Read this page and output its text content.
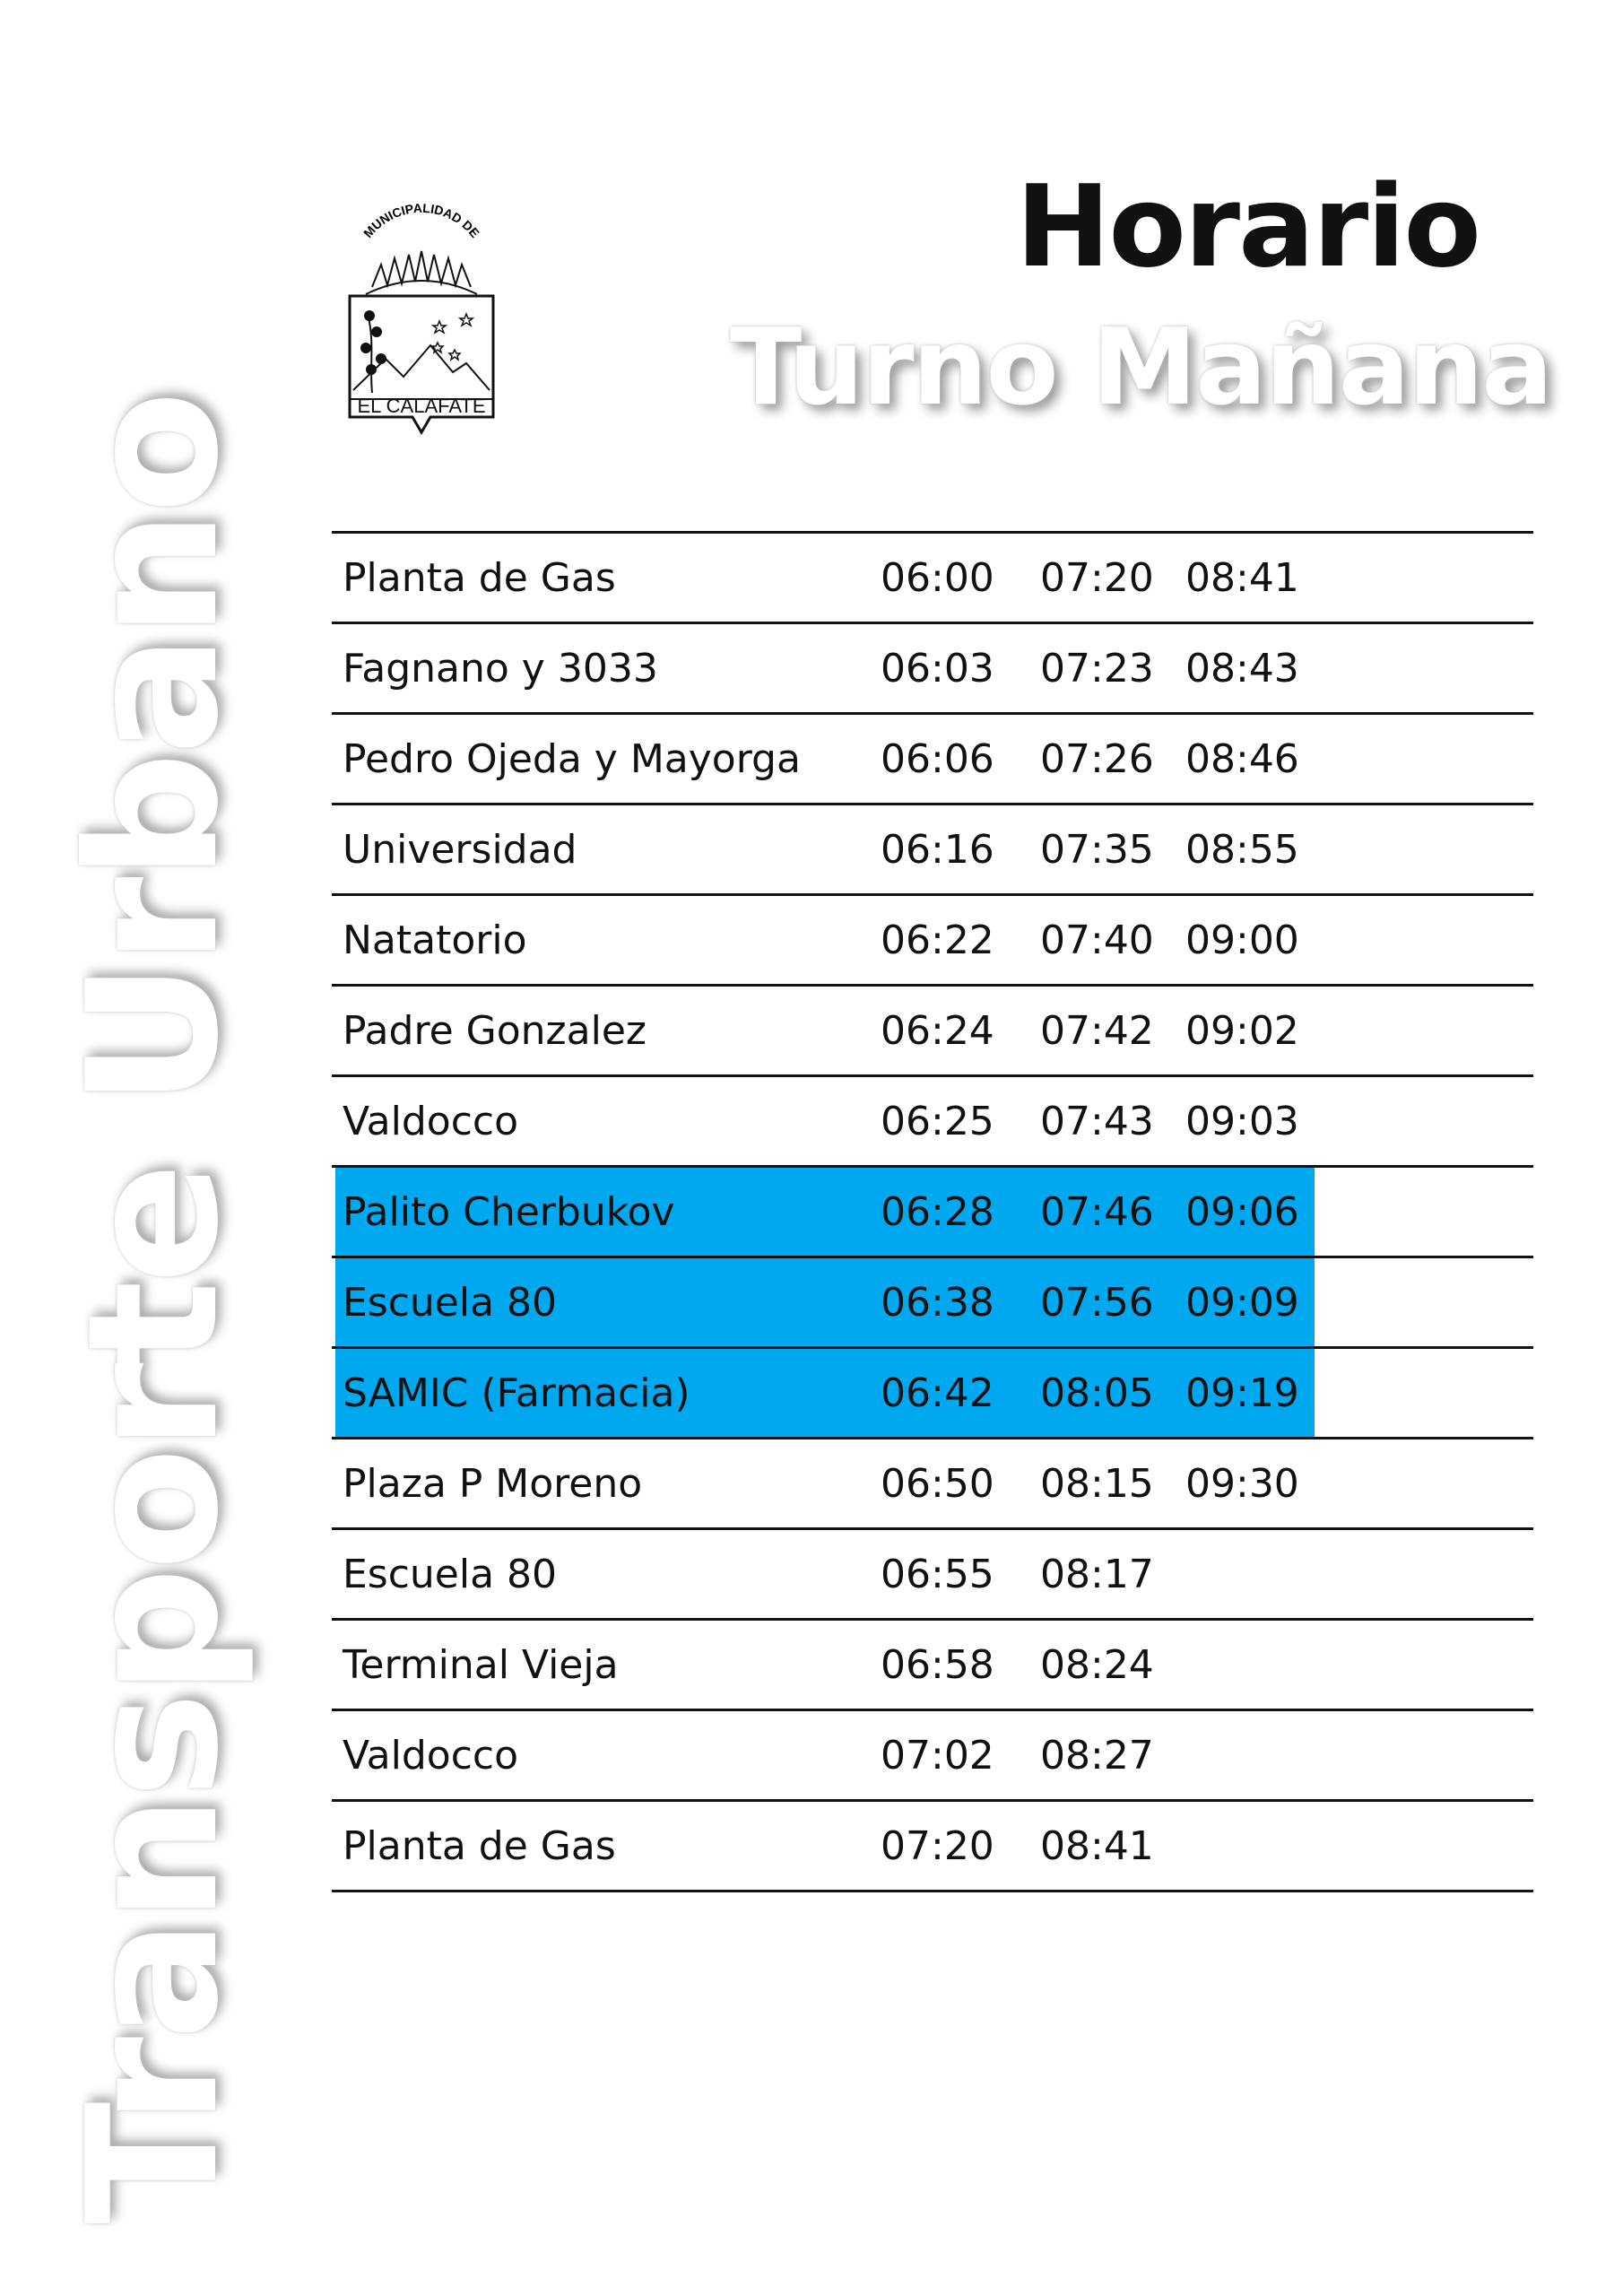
Transporte Urbano
MUNICIPALIDAD DE
EL CALAFATE
Horario
Turno Mañana
Planta de Gas	06:00 07:20 08:41
Fagnano y 3033	06:03 07:23 08:43
Pedro Ojeda y Mayorga 06:06 07:26 08:46
Universidad	06:16 07:35 08:55
Natatorio	06:22 07:40 09:00
Padre Gonzalez	06:24 07:42 09:02
Valdocco	06:25 07:43 09:03
Palito Cherbukov	06:28 07:46 09:06
Escuela 80	06:38 07:56 09:09
SAMIC (Farmacia)	06:42 08:05 09:19
Plaza P Moreno	06:50 08:15 09:30
Escuela 80	06:55 08:17
Terminal Vieja	06:58 08:24
Valdocco	07:02 08:27
Planta de Gas	07:20 08:41
